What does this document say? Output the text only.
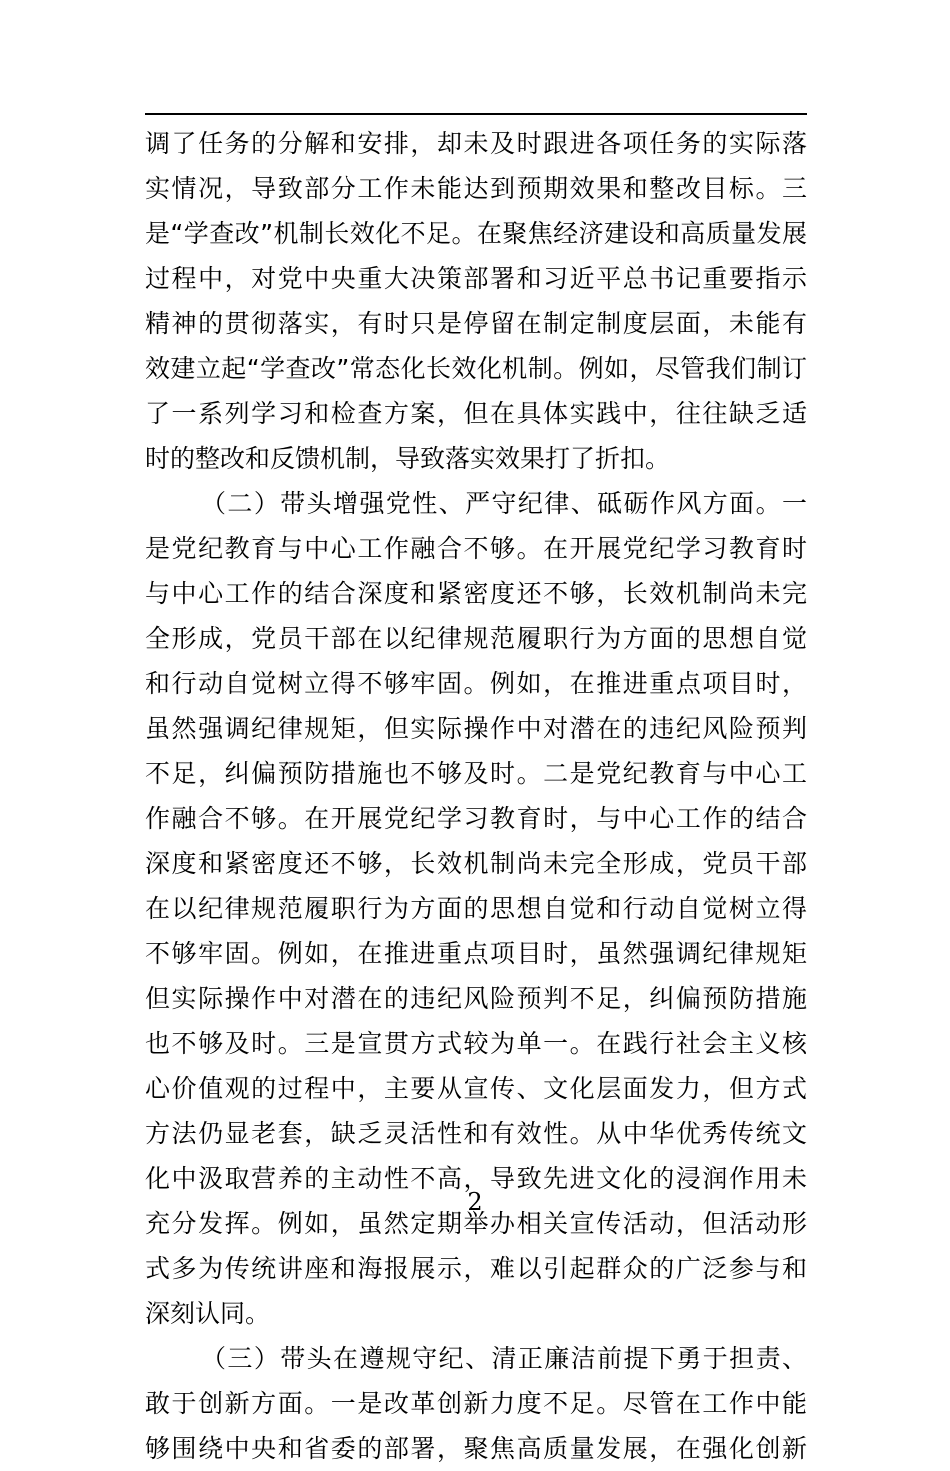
调了任务的分解和安排，却未及时跟进各项任务的实际落
实情况，导致部分工作未能达到预期效果和整改目标。三
是“学查改”机制长效化不足。在聚焦经济建设和高质量发展
过程中，对党中央重大决策部署和习近平总书记重要指示
精神的贯彻落实，有时只是停留在制定制度层面，未能有
效建立起“学查改”常态化长效化机制。例如，尽管我们制订
了一系列学习和检查方案，但在具体实践中，往往缺乏适
时的整改和反馈机制，导致落实效果打了折扣。
（二）带头增强党性、严守纪律、砥砺作风方面。一
是党纪教育与中心工作融合不够。在开展党纪学习教育时
与中心工作的结合深度和紧密度还不够，长效机制尚未完
全形成，党员干部在以纪律规范履职行为方面的思想自觉
和行动自觉树立得不够牢固。例如，在推进重点项目时，
虽然强调纪律规矩，但实际操作中对潜在的违纪风险预判
不足，纠偏预防措施也不够及时。二是党纪教育与中心工
作融合不够。在开展党纪学习教育时，与中心工作的结合
深度和紧密度还不够，长效机制尚未完全形成，党员干部
在以纪律规范履职行为方面的思想自觉和行动自觉树立得
不够牢固。例如，在推进重点项目时，虽然强调纪律规矩
但实际操作中对潜在的违纪风险预判不足，纠偏预防措施
也不够及时。三是宣贯方式较为单一。在践行社会主义核
心价值观的过程中，主要从宣传、文化层面发力，但方式
方法仍显老套，缺乏灵活性和有效性。从中华优秀传统文
化中汲取营养的主动性不高，导致先进文化的浸润作用未
充分发挥。例如，虽然定期举办相关宣传活动，但活动形
式多为传统讲座和海报展示，难以引起群众的广泛参与和
深刻认同。
（三）带头在遵规守纪、清正廉洁前提下勇于担责、
敢于创新方面。一是改革创新力度不足。尽管在工作中能
够围绕中央和省委的部署，聚焦高质量发展，在强化创新
2
